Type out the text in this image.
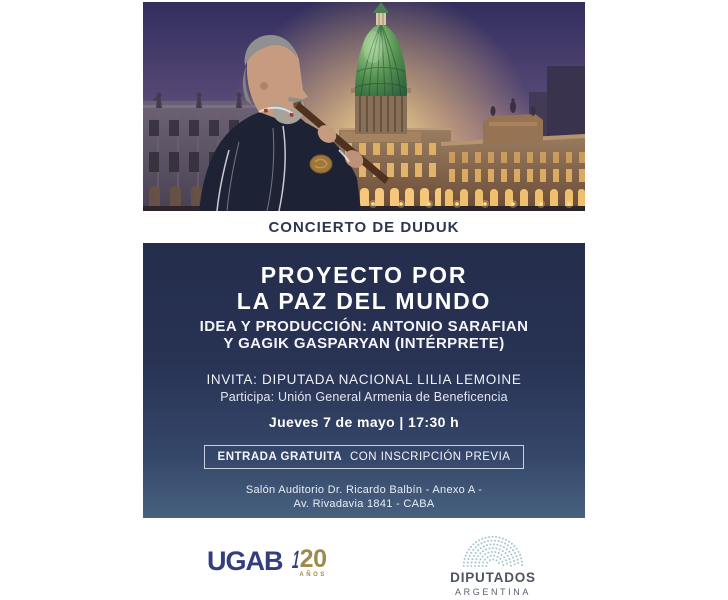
CONCIERTO DE DUDUK
PROYECTO POR
LA PAZ DEL MUNDO
IDEA Y PRODUCCIÓN: ANTONIO SARAFIAN
Y GAGIK GASPARYAN (INTÉRPRETE)
INVITA: DIPUTADA NACIONAL LILIA LEMOINE
Participa: Unión General Armenia de Beneficencia
Jueves 7 de mayo | 17:30 h
ENTRADA GRATUITA CON INSCRIPCIÓN PREVIA
Salón Auditorio Dr. Ricardo Balbín - Anexo A -
Av. Rivadavia 1841 - CABA
UGAB 1
20
AÑOS	DIPUTADOS
ARGENTINA
